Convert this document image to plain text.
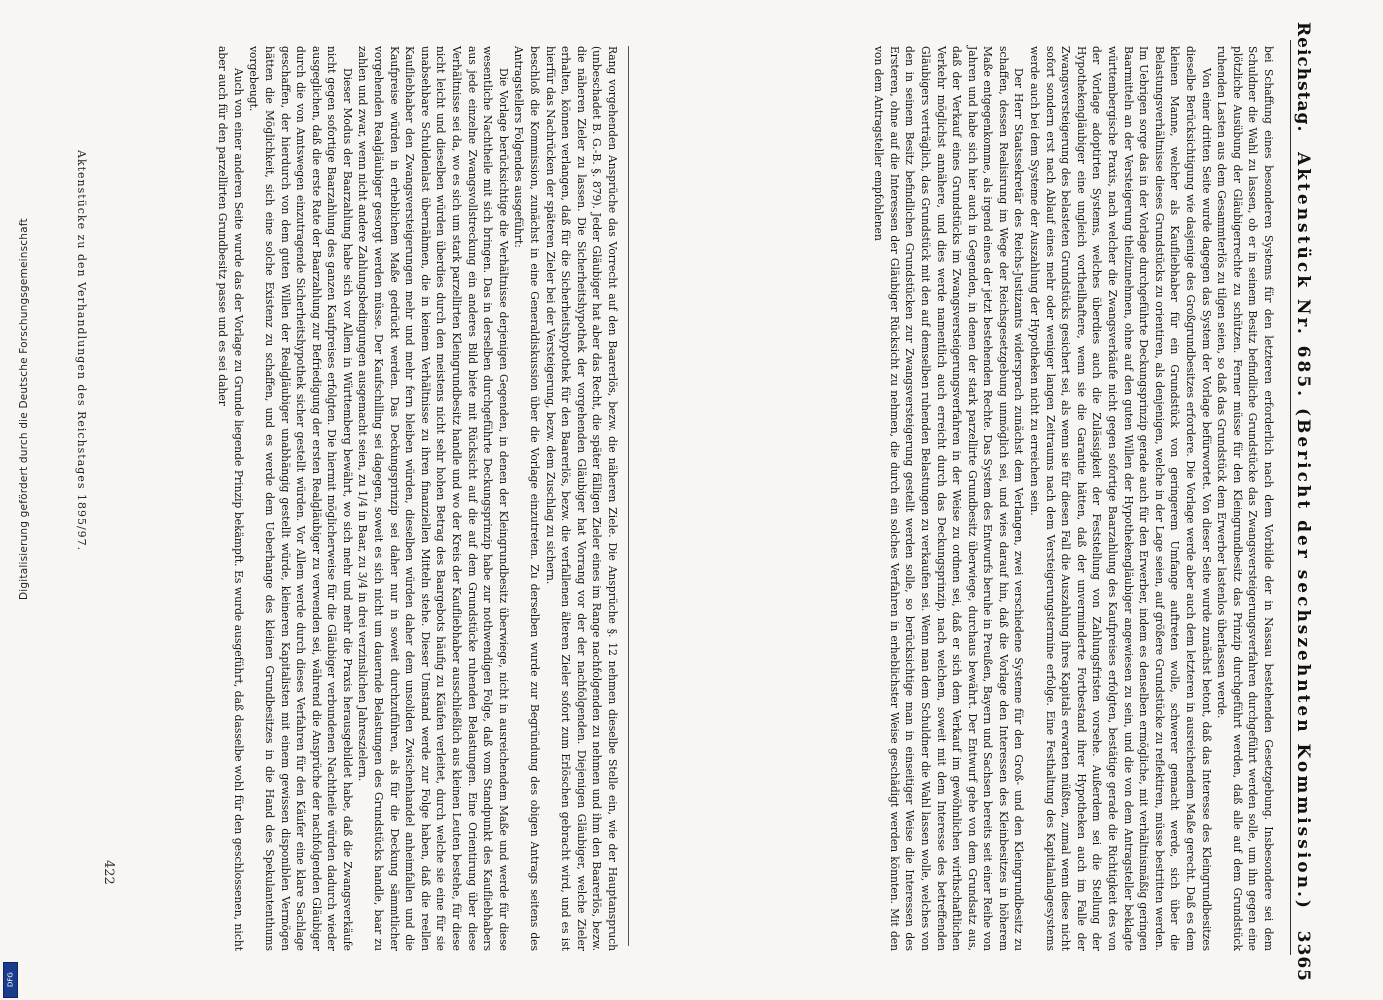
Reichstag.
Aktenstück Nr. 685. (Bericht der sechszehnten Kommission.)
3365

bei Schaffung eines besonderen Systems für den letzteren erforderlich nach dem Vorbilde der in Nassau bestehenden Gesetzgebung. Insbesondere sei dem Schuldner die Wahl zu lassen, ob er in seinem Besitz befindliche Grundstücke das Zwangsversteigerungsverfahren durchgeführt werden solle, um ihn gegen eine plötzliche Ausübung der Gläubigerrechte zu schützen. Ferner müsse für den Kleingrundbesitz das Prinzip durchgeführt werden, daß alle auf dem Grundstück ruhenden Lasten aus dem Gesammterlös zu tilgen seien, so daß das Grundstück dem Erwerber lastenlos überlassen werde.

Von einer dritten Seite wurde dagegen das System der Vorlage befürwortet. Von dieser Seite wurde zunächst betont, daß das Interesse des Kleingrundbesitzes dieselbe Berücksichtigung wie dasjenige des Großgrundbesitzes erfordere. Die Vorlage werde aber auch dem letzteren in ausreichendem Maße gerecht. Daß es dem kleinen Manne, welcher als Kaufliebhaber für ein Grundstück von geringerem Umfange auftreten wolle, schwerer gemacht werde, sich über die Belastungsverhältnisse dieses Grundstücks zu orientiren, als denjenigen, welche in der Lage seien, auf größere Grundstücke zu reflektiren, müsse bestritten werden. Im Uebrigen sorge das in der Vorlage durchgeführte Deckungsprinzip gerade auch für den Erwerber, indem es denselben ermögliche, mit verhältnismäßig geringen Baarmitteln an der Versteigerung theilzunehmen, ohne auf den guten Willen der Hypothekengläubiger angewiesen zu sein, und die von dem Antragsteller beklagte württembergische Praxis, nach welcher die Zwangsverkäufe nicht gegen sofortige Baarzahlung des Kaufpreises erfolgten, bestätige gerade die Richtigkeit des von der Vorlage adoptirten Systems, welches überdies auch die Zulässigkeit der Feststellung von Zahlungsfristen vorsehe. Außerdem sei die Stellung der Hypothekengläubiger eine ungleich vortheilhaftere, wenn sie die Garantie hätten, daß der unverminderte Fortbestand ihrer Hypotheken auch im Falle der Zwangsversteigerung des belasteten Grundstücks gesichert sei, als wenn sie für diesen Fall die Auszahlung ihres Kapitals erwarten müßten, zumal wenn diese nicht sofort sondern erst nach Ablauf eines mehr oder weniger langen Zeitraums nach dem Versteigerungstermine erfolge. Eine Festhaltung des Kapitalanlagesystems werde auch bei dem Systeme der Auszahlung der Hypotheken nicht zu erreichen sein.

Der Herr Staatssekretär des Reichs-Justizamts widersprach zunächst dem Verlangen, zwei verschiedene Systeme für den Groß- und den Kleingrundbesitz zu schaffen, dessen Realisirung im Wege der Reichsgesetzgebung unmöglich sei, und wies darauf hin, daß die Vorlage den Interessen des Kleinbesitzes in höherem Maße entgegenkomme, als irgend eines der jetzt bestehenden Rechte. Das System des Entwurfs beruhe in Preußen, Bayern und Sachsen bereits seit einer Reihe von Jahren und habe sich hier auch in Gegenden, in denen der stark parzellirte Grundbesitz überwiege, durchaus bewährt. Der Entwurf gehe von dem Grundsatz aus, daß der Verkauf eines Grundstücks im Zwangsversteigerungsverfahren in der Weise zu ordnen sei, daß er sich dem Verkauf im gewöhnlichen wirthschaftlichen Verkehr möglichst annähere, und dies werde namentlich auch erreicht durch das Deckungsprinzip, nach welchem, soweit mit dem Interesse des betreffenden Gläubigers verträglich, das Grundstück mit den auf demselben ruhenden Belastungen zu verkaufen sei. Wenn man dem Schuldner die Wahl lassen wolle, welches von den in seinem Besitz befindlichen Grundstücken zur Zwangsversteigerung gestellt werden solle, so berücksichtige man in einseitiger Weise die Interessen des Ersteren, ohne auf die Interessen der Gläubiger Rücksicht zu nehmen, die durch ein solches Verfahren in erheblichster Weise geschädigt werden könnten. Mit den von dem Antragsteller empfohlenen

Rang vorgehenden Ansprüche das Vorrecht auf den Baarerlös, bezw. die näheren Ziele. Die Ansprüche §. 12 nehmen dieselbe Stelle ein, wie der Hauptanspruch (unbeschadet B. G.-B. §. 879). Jeder Gläubiger hat aber das Recht, die später fälligen Zieler eines im Range nachfolgenden zu nehmen und ihm den Baarerlös, bezw. die näheren Zieler zu lassen. Die Sicherheitshypothek der vorgehenden Gläubiger hat Vorrang vor der der nachfolgenden. Diejenigen Gläubiger, welche Zieler erhalten, können verlangen, daß für die Sicherheitshypothek für den Baarerlös, bezw. die verfallenen älteren Zieler sofort zum Erlöschen gebracht wird, und es ist hierfür das Nachrücken der späteren Zieler bei der Versteigerung, bezw. dem Zuschlag zu sichern.

beschloß die Kommission, zunächst in eine Generaldiskussion über die Vorlage einzutreten. Zu derselben wurde zur Begründung des obigen Antrags seitens des Antragstellers Folgendes ausgeführt:

Die Vorlage berücksichtige die Verhältnisse derjenigen Gegenden, in denen der Kleingrundbesitz überwiege, nicht in ausreichendem Maße und werde für diese wesentliche Nachtheile mit sich bringen. Das in derselben durchgeführte Deckungsprinzip habe zur nothwendigen Folge, daß vom Standpunkt des Kaufliebhabers aus jede einzelne Zwangsvollstreckung ein anderes Bild biete mit Rücksicht auf die auf dem Grundstücke ruhenden Belastungen. Eine Orientirung über diese Verhältnisse sei da, wo es sich um stark parzellirten Kleingrundbesitz handle und wo der Kreis der Kaufliebhaber ausschließlich aus kleinen Leuten bestehe, für diese nicht leicht und dieselben würden überdies durch den meistens nicht sehr hohen Betrag des Baargebots häufig zu Käufen verleitet, durch welche sie eine für sie unabsehbare Schuldenlast übernähmen, die in keinem Verhältnisse zu ihren finanziellen Mitteln stehe. Dieser Umstand werde zur Folge haben, daß die reellen Kaufliebhaber den Zwangsversteigerungen mehr und mehr fern bleiben würden, dieselben würden daher dem unsoliden Zwischenhandel anheimfallen und die Kaufpreise würden in erheblichem Maße gedrückt werden. Das Deckungsprinzip sei daher nur in soweit durchzuführen, als für die Deckung sämmtlicher vorgehenden Realgläubiger gesorgt werden müsse. Der Kaufschilling sei dagegen, soweit es sich nicht um dauernde Belastungen des Grundstücks handle, baar zu zahlen und zwar, wenn nicht andere Zahlungsbedingungen ausgemacht seien, zu 1/4 in Baar, zu 3/4 in drei verzinslichen Jahreszielern.

Dieser Modus der Baarzahlung habe sich vor Allem in Württemberg bewährt, wo sich mehr und mehr die Praxis herausgebildet habe, daß die Zwangsverkäufe nicht gegen sofortige Baarzahlung des ganzen Kaufpreises erfolgten. Die hiermit möglicherweise für die Gläubiger verbundenen Nachtheile würden dadurch wieder ausgeglichen, daß die erste Rate der Baarzahlung zur Befriedigung der ersten Realgläubiger zu verwenden sei, während die Ansprüche der nachfolgenden Gläubiger durch die von Amtswegen einzutragende Sicherheitshypothek sicher gestellt würden. Vor Allem werde durch dieses Verfahren für den Käufer eine klare Sachlage geschaffen, der hierdurch von dem guten Willen der Realgläubiger unabhängig gestellt würde, kleineren Kapitalisten mit einem gewissen disponiblen Vermögen hätten die Möglichkeit, sich eine solche Existenz zu schaffen, und es werde dem Ueberhange des kleinen Grundbesitzes in die Hand des Spekulantenthums vorgebeugt.

Auch von einer anderen Seite wurde das der Vorlage zu Grunde liegende Prinzip bekämpft. Es wurde ausgeführt, daß dasselbe wohl für den geschlossenen, nicht aber auch für den parzellirten Grundbesitz passe und es sei daher

Aktenstücke zu den Verhandlungen des Reichstages 1895/97.
422
Digitalisierung gefördert durch die Deutsche Forschungsgemeinschaft
DFG
